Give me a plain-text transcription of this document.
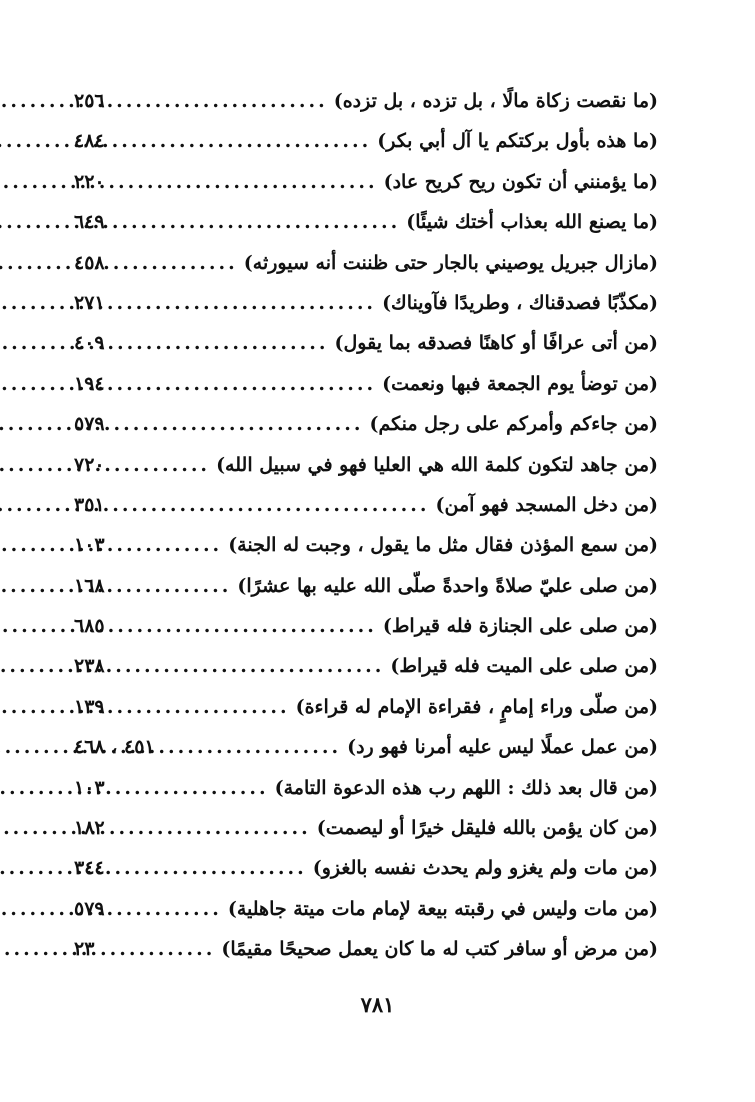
(ما نقصت زكاة مالًا ، بل تزده ، بل تزده)
.....
٢٥٦
(ما هذه بأول بركتكم يا آل أبي بكر)
.....
٤٨٤
(ما يؤمنني أن تكون ريح كريح عاد)
.....
٢٢٠
(ما يصنع الله بعذاب أختك شيئًا)
.....
٦٤٩
(مازال جبريل يوصيني بالجار حتى ظننت أنه سيورثه)
.....
٤٥٨
(مكذّبًا فصدقناك ، وطريدًا فآويناك)
.....
٢٧١
(من أتى عرافًا أو كاهنًا فصدقه بما يقول)
.....
٤٠٩
(من توضأ يوم الجمعة فبها ونعمت)
.....
١٩٤
(من جاءكم وأمركم على رجل منكم)
.....
٥٧٩
(من جاهد لتكون كلمة الله هي العليا فهو في سبيل الله)
.....
٧٢٠
(من دخل المسجد فهو آمن)
.....
٣٥١
(من سمع المؤذن فقال مثل ما يقول ، وجبت له الجنة)
.....
١٠٣
(من صلى عليّ صلاةً واحدةً صلّى الله عليه بها عشرًا)
.....
١٦٨
(من صلى على الجنازة فله قيراط)
.....
٦٨٥
(من صلى على الميت فله قيراط)
.....
٢٣٨
(من صلّى وراء إمامٍ ، فقراءة الإمام له قراءة)
.....
١٣٩
(من عمل عملًا ليس عليه أمرنا فهو رد)
.....
٤٥١ ، ٤٦٨
(من قال بعد ذلك : اللهم رب هذه الدعوة التامة)
.....
١٠٣
(من كان يؤمن بالله فليقل خيرًا أو ليصمت)
.....
١٨٢
(من مات ولم يغزو ولم يحدث نفسه بالغزو)
.....
٣٤٤
(من مات وليس في رقبته بيعة لإمام مات ميتة جاهلية)
.....
٥٧٩
(من مرض أو سافر كتب له ما كان يعمل صحيحًا مقيمًا)
.....
٢٣
٧٨١
